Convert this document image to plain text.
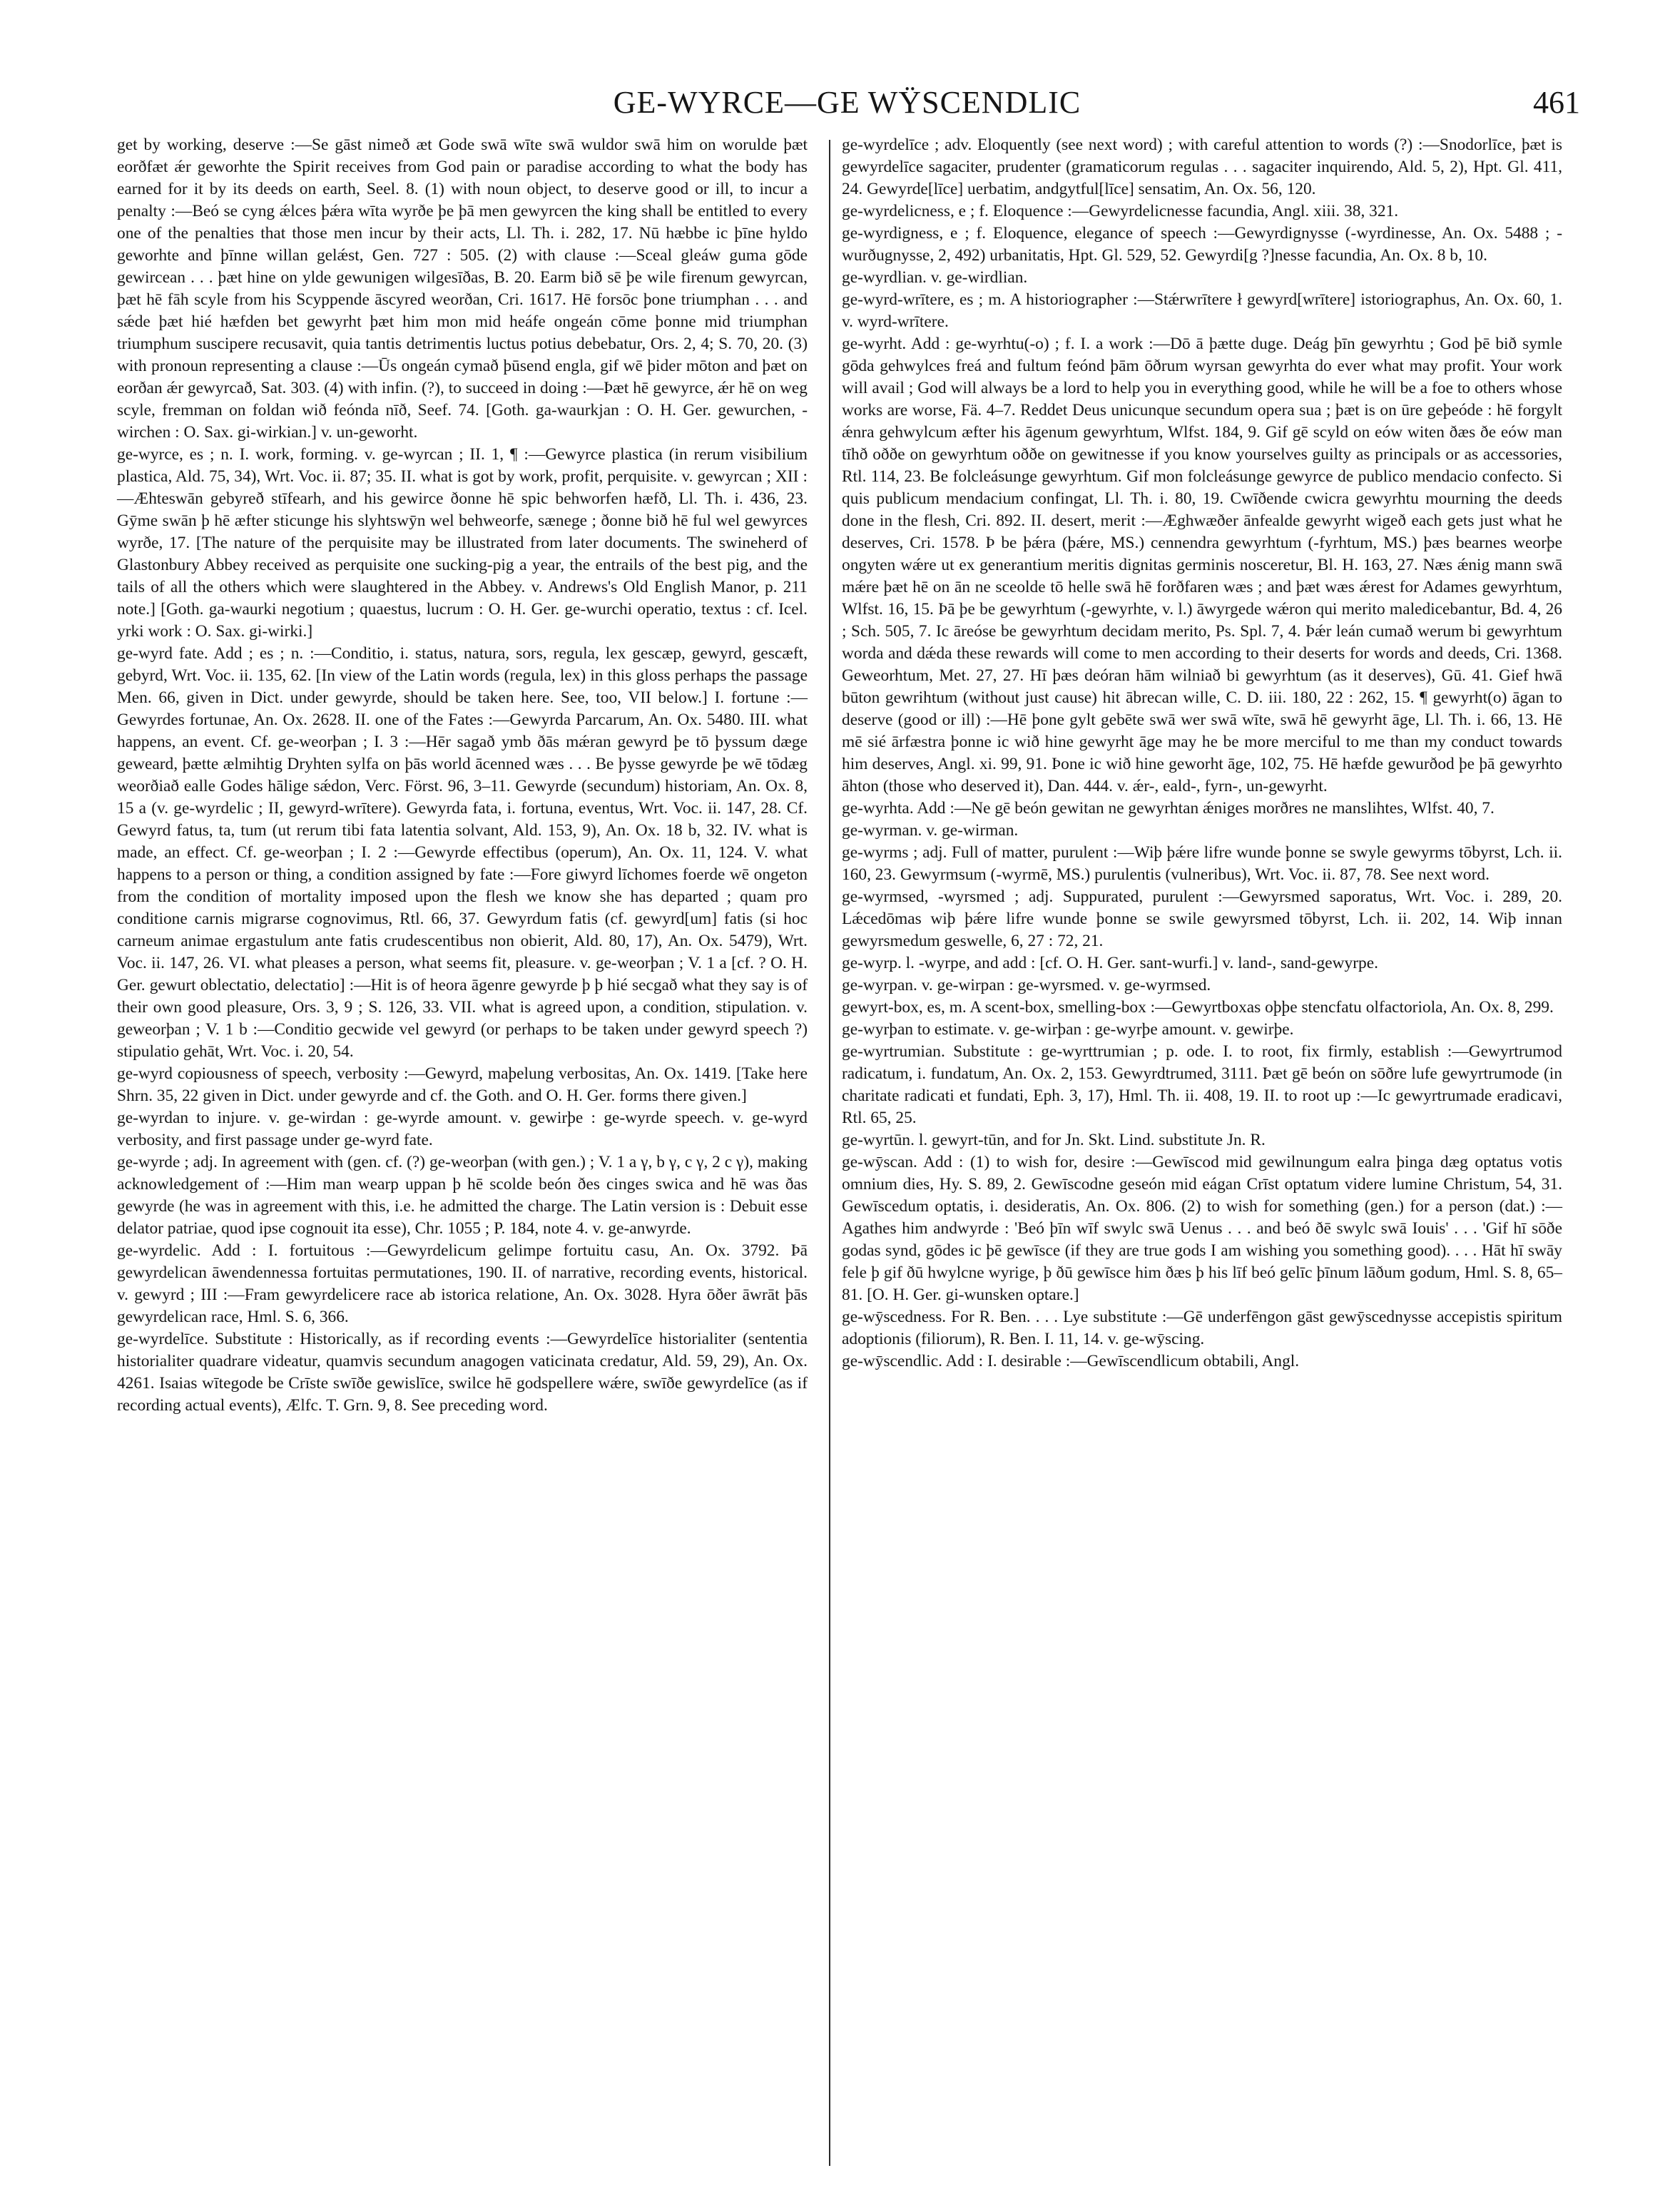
GE-WYRCE—GE WŸSCENDLIC	461

get by working, deserve :—Se gāst nimeð æt Gode swā wīte swā wuldor swā him on worulde þæt eorðfæt ǽr geworhte the Spirit receives from God pain or paradise according to what the body has earned for it by its deeds on earth, Seel. 8. (1) with noun object, to deserve good or ill, to incur a penalty :—Beó se cyng ǽlces þǽra wīta wyrðe þe þā men gewyrcen the king shall be entitled to every one of the penalties that those men incur by their acts, Ll. Th. i. 282, 17. Nū hæbbe ic þīne hyldo geworhte and þīnne willan gelǽst, Gen. 727 : 505. (2) with clause :—Sceal gleáw guma gōde gewircean . . . þæt hine on ylde gewunigen wilgesīðas, B. 20. Earm bið sē þe wile firenum gewyrcan, þæt hē fāh scyle from his Scyppende āscyred weorðan, Cri. 1617. Hē forsōc þone triumphan . . . and sǽde þæt hié hæfden bet gewyrht þæt him mon mid heáfe ongeán cōme þonne mid triumphan triumphum suscipere recusavit, quia tantis detrimentis luctus potius debebatur, Ors. 2, 4; S. 70, 20. (3) with pronoun representing a clause :—Ūs ongeán cymað þūsend engla, gif wē þider mōton and þæt on eorðan ǽr gewyrcað, Sat. 303. (4) with infin. (?), to succeed in doing :—Þæt hē gewyrce, ǽr hē on weg scyle, fremman on foldan wið feónda nīð, Seef. 74. [Goth. ga-waurkjan : O. H. Ger. gewurchen, -wirchen : O. Sax. gi-wirkian.] v. un-geworht.

ge-wyrce, es ; n. I. work, forming. v. ge-wyrcan ; II. 1, ¶ :—Gewyrce plastica (in rerum visibilium plastica, Ald. 75, 34), Wrt. Voc. ii. 87; 35. II. what is got by work, profit, perquisite. v. gewyrcan ; XII :—Æhteswān gebyreð stīfearh, and his gewirce ðonne hē spic behworfen hæfð, Ll. Th. i. 436, 23. Gȳme swān þ hē æfter sticunge his slyhtswȳn wel behweorfe, sænege ; ðonne bið hē ful wel gewyrces wyrðe, 17. [The nature of the perquisite may be illustrated from later documents. The swineherd of Glastonbury Abbey received as perquisite one sucking-pig a year, the entrails of the best pig, and the tails of all the others which were slaughtered in the Abbey. v. Andrews's Old English Manor, p. 211 note.] [Goth. ga-waurki negotium ; quaestus, lucrum : O. H. Ger. ge-wurchi operatio, textus : cf. Icel. yrki work : O. Sax. gi-wirki.]

ge-wyrd fate. Add ; es ; n. :—Conditio, i. status, natura, sors, regula, lex gescæp, gewyrd, gescæft, gebyrd, Wrt. Voc. ii. 135, 62. [In view of the Latin words (regula, lex) in this gloss perhaps the passage Men. 66, given in Dict. under gewyrde, should be taken here. See, too, VII below.] I. fortune :—Gewyrdes fortunae, An. Ox. 2628. II. one of the Fates :—Gewyrda Parcarum, An. Ox. 5480. III. what happens, an event. Cf. ge-weorþan ; I. 3 :—Hēr sagað ymb ðās mǽran gewyrd þe tō þyssum dæge geweard, þætte ælmihtig Dryhten sylfa on þās world ācenned wæs . . . Be þysse gewyrde þe wē tōdæg weorðiað ealle Godes hālige sǽdon, Verc. Först. 96, 3–11. Gewyrde (secundum) historiam, An. Ox. 8, 15 a (v. ge-wyrdelic ; II, gewyrd-wrītere). Gewyrda fata, i. fortuna, eventus, Wrt. Voc. ii. 147, 28. Cf. Gewyrd fatus, ta, tum (ut rerum tibi fata latentia solvant, Ald. 153, 9), An. Ox. 18 b, 32. IV. what is made, an effect. Cf. ge-weorþan ; I. 2 :—Gewyrde effectibus (operum), An. Ox. 11, 124. V. what happens to a person or thing, a condition assigned by fate :—Fore giwyrd līchomes foerde wē ongeton from the condition of mortality imposed upon the flesh we know she has departed ; quam pro conditione carnis migrarse cognovimus, Rtl. 66, 37. Gewyrdum fatis (cf. gewyrd[um] fatis (si hoc carneum animae ergastulum ante fatis crudescentibus non obierit, Ald. 80, 17), An. Ox. 5479), Wrt. Voc. ii. 147, 26. VI. what pleases a person, what seems fit, pleasure. v. ge-weorþan ; V. 1 a [cf. ? O. H. Ger. gewurt oblectatio, delectatio] :—Hit is of heora āgenre gewyrde þ þ hié secgað what they say is of their own good pleasure, Ors. 3, 9 ; S. 126, 33. VII. what is agreed upon, a condition, stipulation. v. geweorþan ; V. 1 b :—Conditio gecwide vel gewyrd (or perhaps to be taken under gewyrd speech ?) stipulatio gehāt, Wrt. Voc. i. 20, 54.

ge-wyrd copiousness of speech, verbosity :—Gewyrd, maþelung verbositas, An. Ox. 1419. [Take here Shrn. 35, 22 given in Dict. under gewyrde and cf. the Goth. and O. H. Ger. forms there given.]

ge-wyrdan to injure. v. ge-wirdan : ge-wyrde amount. v. gewirþe : ge-wyrde speech. v. ge-wyrd verbosity, and first passage under ge-wyrd fate.

ge-wyrde ; adj. In agreement with (gen. cf. (?) ge-weorþan (with gen.) ; V. 1 a γ, b γ, c γ, 2 c γ), making acknowledgement of :—Him man wearp uppan þ hē scolde beón ðes cinges swica and hē was ðas gewyrde (he was in agreement with this, i.e. he admitted the charge. The Latin version is : Debuit esse delator patriae, quod ipse cognouit ita esse), Chr. 1055 ; P. 184, note 4. v. ge-anwyrde.

ge-wyrdelic. Add : I. fortuitous :—Gewyrdelicum gelimpe fortuitu casu, An. Ox. 3792. Þā gewyrdelican āwendennessa fortuitas permutationes, 190. II. of narrative, recording events, historical. v. gewyrd ; III :—Fram gewyrdelicere race ab istorica relatione, An. Ox. 3028. Hyra ōðer āwrāt þās gewyrdelican race, Hml. S. 6, 366.

ge-wyrdelīce. Substitute : Historically, as if recording events :—Gewyrdelīce historialiter (sententia historialiter quadrare videatur, quamvis secundum anagogen vaticinata credatur, Ald. 59, 29), An. Ox. 4261. Isaias wītegode be Crīste swīðe gewislīce, swilce hē godspellere wǽre, swīðe gewyrdelīce (as if recording actual events), Ælfc. T. Grn. 9, 8. See preceding word.

ge-wyrdelīce ; adv. Eloquently (see next word) ; with careful attention to words (?) :—Snodorlīce, þæt is gewyrdelīce sagaciter, prudenter (gramaticorum regulas . . . sagaciter inquirendo, Ald. 5, 2), Hpt. Gl. 411, 24. Gewyrde[līce] uerbatim, andgytful[līce] sensatim, An. Ox. 56, 120.

ge-wyrdelicness, e ; f. Eloquence :—Gewyrdelicnesse facundia, Angl. xiii. 38, 321.

ge-wyrdigness, e ; f. Eloquence, elegance of speech :—Gewyrdignysse (-wyrdinesse, An. Ox. 5488 ; -wurðugnysse, 2, 492) urbanitatis, Hpt. Gl. 529, 52. Gewyrdi[g ?]nesse facundia, An. Ox. 8 b, 10.

ge-wyrdlian. v. ge-wirdlian.

ge-wyrd-wrītere, es ; m. A historiographer :—Stǽrwrītere ł gewyrd[wrītere] istoriographus, An. Ox. 60, 1. v. wyrd-wrītere.

ge-wyrht. Add : ge-wyrhtu(-o) ; f. I. a work :—Dō ā þætte duge. Deág þīn gewyrhtu ; God þē bið symle gōda gehwylces freá and fultum feónd þām ōðrum wyrsan gewyrhta do ever what may profit. Your work will avail ; God will always be a lord to help you in everything good, while he will be a foe to others whose works are worse, Fä. 4–7. Reddet Deus unicunque secundum opera sua ; þæt is on ūre geþeóde : hē forgylt ǽnra gehwylcum æfter his āgenum gewyrhtum, Wlfst. 184, 9. Gif gē scyld on eów witen ðæs ðe eów man tīhð oððe on gewyrhtum oððe on gewitnesse if you know yourselves guilty as principals or as accessories, Rtl. 114, 23. Be folcleásunge gewyrhtum. Gif mon folcleásunge gewyrce de publico mendacio confecto. Si quis publicum mendacium confingat, Ll. Th. i. 80, 19. Cwīðende cwicra gewyrhtu mourning the deeds done in the flesh, Cri. 892. II. desert, merit :—Æghwæðer ānfealde gewyrht wigeð each gets just what he deserves, Cri. 1578. Þ be þǽra (þǽre, MS.) cennendra gewyrhtum (-fyrhtum, MS.) þæs bearnes weorþe ongyten wǽre ut ex generantium meritis dignitas germinis nosceretur, Bl. H. 163, 27. Næs ǽnig mann swā mǽre þæt hē on ān ne sceolde tō helle swā hē forðfaren wæs ; and þæt wæs ǽrest for Adames gewyrhtum, Wlfst. 16, 15. Þā þe be gewyrhtum (-gewyrhte, v. l.) āwyrgede wǽron qui merito maledicebantur, Bd. 4, 26 ; Sch. 505, 7. Ic āreóse be gewyrhtum decidam merito, Ps. Spl. 7, 4. Þǽr leán cumað werum bi gewyrhtum worda and dǽda these rewards will come to men according to their deserts for words and deeds, Cri. 1368. Geweorhtum, Met. 27, 27. Hī þæs deóran hām wilniað bi gewyrhtum (as it deserves), Gū. 41. Gief hwā būton gewrihtum (without just cause) hit ābrecan wille, C. D. iii. 180, 22 : 262, 15. ¶ gewyrht(o) āgan to deserve (good or ill) :—Hē þone gylt gebēte swā wer swā wīte, swā hē gewyrht āge, Ll. Th. i. 66, 13. Hē mē sié ārfæstra þonne ic wið hine gewyrht āge may he be more merciful to me than my conduct towards him deserves, Angl. xi. 99, 91. Þone ic wið hine geworht āge, 102, 75. Hē hæfde gewurðod þe þā gewyrhto āhton (those who deserved it), Dan. 444. v. ǽr-, eald-, fyrn-, un-gewyrht.

ge-wyrhta. Add :—Ne gē beón gewitan ne gewyrhtan ǽniges morðres ne manslihtes, Wlfst. 40, 7.

ge-wyrman. v. ge-wirman.

ge-wyrms ; adj. Full of matter, purulent :—Wiþ þǽre lifre wunde þonne se swyle gewyrms tōbyrst, Lch. ii. 160, 23. Gewyrmsum (-wyrmē, MS.) purulentis (vulneribus), Wrt. Voc. ii. 87, 78. See next word.

ge-wyrmsed, -wyrsmed ; adj. Suppurated, purulent :—Gewyrsmed saporatus, Wrt. Voc. i. 289, 20. Lǽcedōmas wiþ þǽre lifre wunde þonne se swile gewyrsmed tōbyrst, Lch. ii. 202, 14. Wiþ innan gewyrsmedum geswelle, 6, 27 : 72, 21.

ge-wyrp. l. -wyrpe, and add : [cf. O. H. Ger. sant-wurfi.] v. land-, sand-gewyrpe.

ge-wyrpan. v. ge-wirpan : ge-wyrsmed. v. ge-wyrmsed.

gewyrt-box, es, m. A scent-box, smelling-box :—Gewyrtboxas oþþe stencfatu olfactoriola, An. Ox. 8, 299.

ge-wyrþan to estimate. v. ge-wirþan : ge-wyrþe amount. v. gewirþe.

ge-wyrtrumian. Substitute : ge-wyrttrumian ; p. ode. I. to root, fix firmly, establish :—Gewyrtrumod radicatum, i. fundatum, An. Ox. 2, 153. Gewyrdtrumed, 3111. Þæt gē beón on sōðre lufe gewyrtrumode (in charitate radicati et fundati, Eph. 3, 17), Hml. Th. ii. 408, 19. II. to root up :—Ic gewyrtrumade eradicavi, Rtl. 65, 25.

ge-wyrtūn. l. gewyrt-tūn, and for Jn. Skt. Lind. substitute Jn. R.

ge-wȳscan. Add : (1) to wish for, desire :—Gewīscod mid gewilnungum ealra þinga dæg optatus votis omnium dies, Hy. S. 89, 2. Gewīscodne geseón mid eágan Crīst optatum videre lumine Christum, 54, 31. Gewīscedum optatis, i. desideratis, An. Ox. 806. (2) to wish for something (gen.) for a person (dat.) :—Agathes him andwyrde : 'Beó þīn wīf swylc swā Uenus . . . and beó ðē swylc swā Iouis' . . . 'Gif hī sōðe godas synd, gōdes ic þē gewīsce (if they are true gods I am wishing you something good). . . . Hāt hī swāy fele þ gif ðū hwylcne wyrige, þ ðū gewīsce him ðæs þ his līf beó gelīc þīnum lāðum godum, Hml. S. 8, 65–81. [O. H. Ger. gi-wunsken optare.]

ge-wȳscedness. For R. Ben. . . . Lye substitute :—Gē underfēngon gāst gewȳscednysse accepistis spiritum adoptionis (filiorum), R. Ben. I. 11, 14. v. ge-wȳscing.

ge-wȳscendlic. Add : I. desirable :—Gewīscendlicum obtabili, Angl.
